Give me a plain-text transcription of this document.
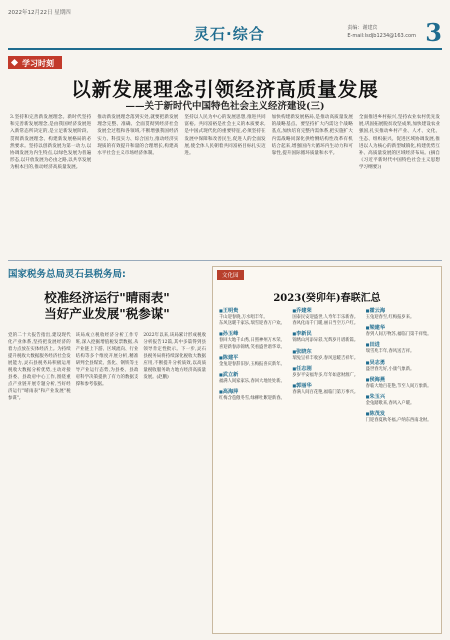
2022年12月22日 星期四
灵石·综合	责编：谢建宾
E-mail:lsdjb1234@163.com 3
学习时刻
以新发展理念引领经济高质量发展
——关于新时代中国特色社会主义经济建设(三)
3.坚持和完善新发展理念。新时代坚持和完善新发展理念,是由我国经济发展进入新常态所决定的,是立足新发展阶段、贯彻新发展理念、构建新发展格局的必然要求。坚持以创新发展为第一动力,以协调发展为内生特点,以绿色发展为普遍形态,以开放发展为必由之路,以共享发展为根本目的,推动经济高质量发展。
推动新发展理念落到实处,就要把新发展理念完整、准确、全面贯彻到经济社会发展全过程和各领域,不断增强我国经济实力、科技实力、综合国力,推动经济实现质的有效提升和量的合理增长,构建高水平社会主义市场经济体制。
坚持以人民为中心的发展思想,推进共同富裕。共同富裕是社会主义的本质要求,是中国式现代化的重要特征,必须坚持在发展中保障和改善民生,促进人的全面发展,使全体人民朝着共同富裕目标扎实迈进。
加快构建新发展格局,是推动高质量发展的战略基点。要坚持扩大内需这个战略基点,加快培育完整内需体系,把实施扩大内需战略同深化供给侧结构性改革有机结合起来,增强国内大循环内生动力和可靠性,提升国际循环质量和水平。
全面推进乡村振兴,坚持农业农村优先发展,巩固拓展脱贫攻坚成果,加快建设农业强国,扎实推动乡村产业、人才、文化、生态、组织振兴。促进区域协调发展,推进以人为核心的新型城镇化,构建优势互补、高质量发展的区域经济布局。(摘自《习近平新时代中国特色社会主义思想学习纲要》)
国家税务总局灵石县税务局:
校准经济运行"晴雨表"
当好产业发展"税参谋"
党的二十大报告指出,建设现代化产业体系,坚持把发展经济的着力点放在实体经济上。为持续提升税收大数据服务经济社会发展能力,灵石县税务局积极运用税收大数据分析优势,主动对接县委、县政府中心工作,围绕重点产业链开展专题分析,当好经济运行"晴雨表"和产业发展"税参谋"。
该局成立税收经济分析工作专班,深入挖掘增值税发票数据,从产业链上下游、区域流向、行业结构等多个维度开展分析,精准研判全县煤炭、焦化、钢铁等主导产业运行态势,为县委、县政府科学决策提供了有力的数据支撑和参考依据。
2022年以来,该局累计形成税收分析报告12篇,其中多篇得到县领导肯定性批示。下一步,灵石县税务局将持续深化税收大数据应用,不断提升分析质效,以高质量税收服务助力地方经济高质量发展。(赵鹏)
文化园
2023(癸卯年)春联汇总
■ 王明贵
千山迎春晓,万水唱丰年。
东风送暖千家乐,瑞雪迎春万户欢。
■ 孙玉峰
春回大地千山秀,日照神州万木荣。
喜迎新春添锦绣,笑看盛世谱华章。
■ 陈建平
金兔迎春辞旧岁,玉梅报喜庆新年。
■ 武立新
福满人间家家乐,春回大地处处新。
■ 高海萍
红梅含苞傲冬雪,绿柳吐絮迎新春。
■ 乔建荣
国泰民安迎盛世,人寿年丰乐新春。
春风化雨千门暖,丽日当空万户红。
■ 李新民
锦绣山河添异彩,光辉岁月谱新篇。
■ 张晓东
瑞兔呈祥丰收岁,春风送暖吉祥年。
■ 任志刚
岁岁平安福寿多,年年如意财源广。
■ 郭丽华
春满人间百花艳,福临门第万事兴。
■ 霍云海
玉兔迎春至,红梅报岁来。
■ 梁建华
春到人间万物苏,福临门第千祥集。
■ 田进
瑞雪兆丰年,春风送吉祥。
■ 吴志勇
盛世春光好,小康气象新。
■ 侯海燕
春临大地百花艳,节至人间万象新。
■ 朱玉兴
金兔踏歌来,春风入户暖。
■ 陈茂发
门迎春夏秋冬福,户纳东西南北财。
